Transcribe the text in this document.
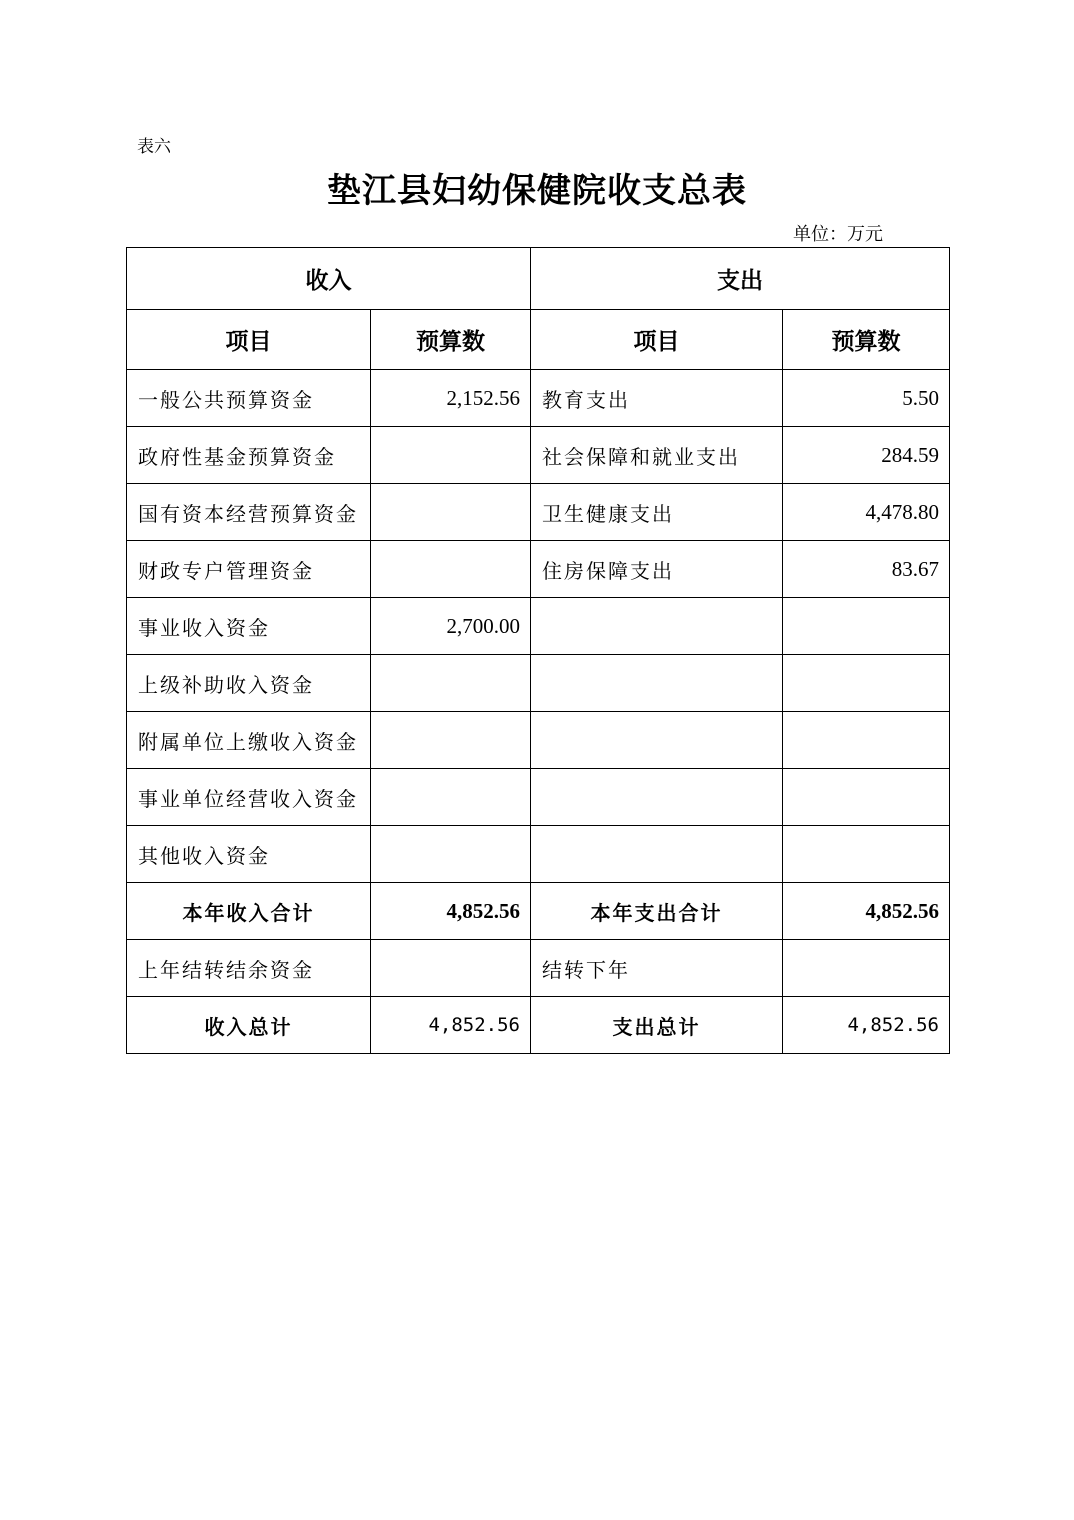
表六
垫江县妇幼保健院收支总表
单位：万元
收入		支出	
项目	预算数	项目	预算数
一般公共预算资金	2,152.56	教育支出	5.50
政府性基金预算资金		社会保障和就业支出	284.59
国有资本经营预算资金		卫生健康支出	4,478.80
财政专户管理资金		住房保障支出	83.67
事业收入资金	2,700.00		
上级补助收入资金			
附属单位上缴收入资金			
事业单位经营收入资金			
其他收入资金			
本年收入合计	4,852.56	本年支出合计	4,852.56
上年结转结余资金		结转下年	
收入总计	4,852.56	支出总计	4,852.56
